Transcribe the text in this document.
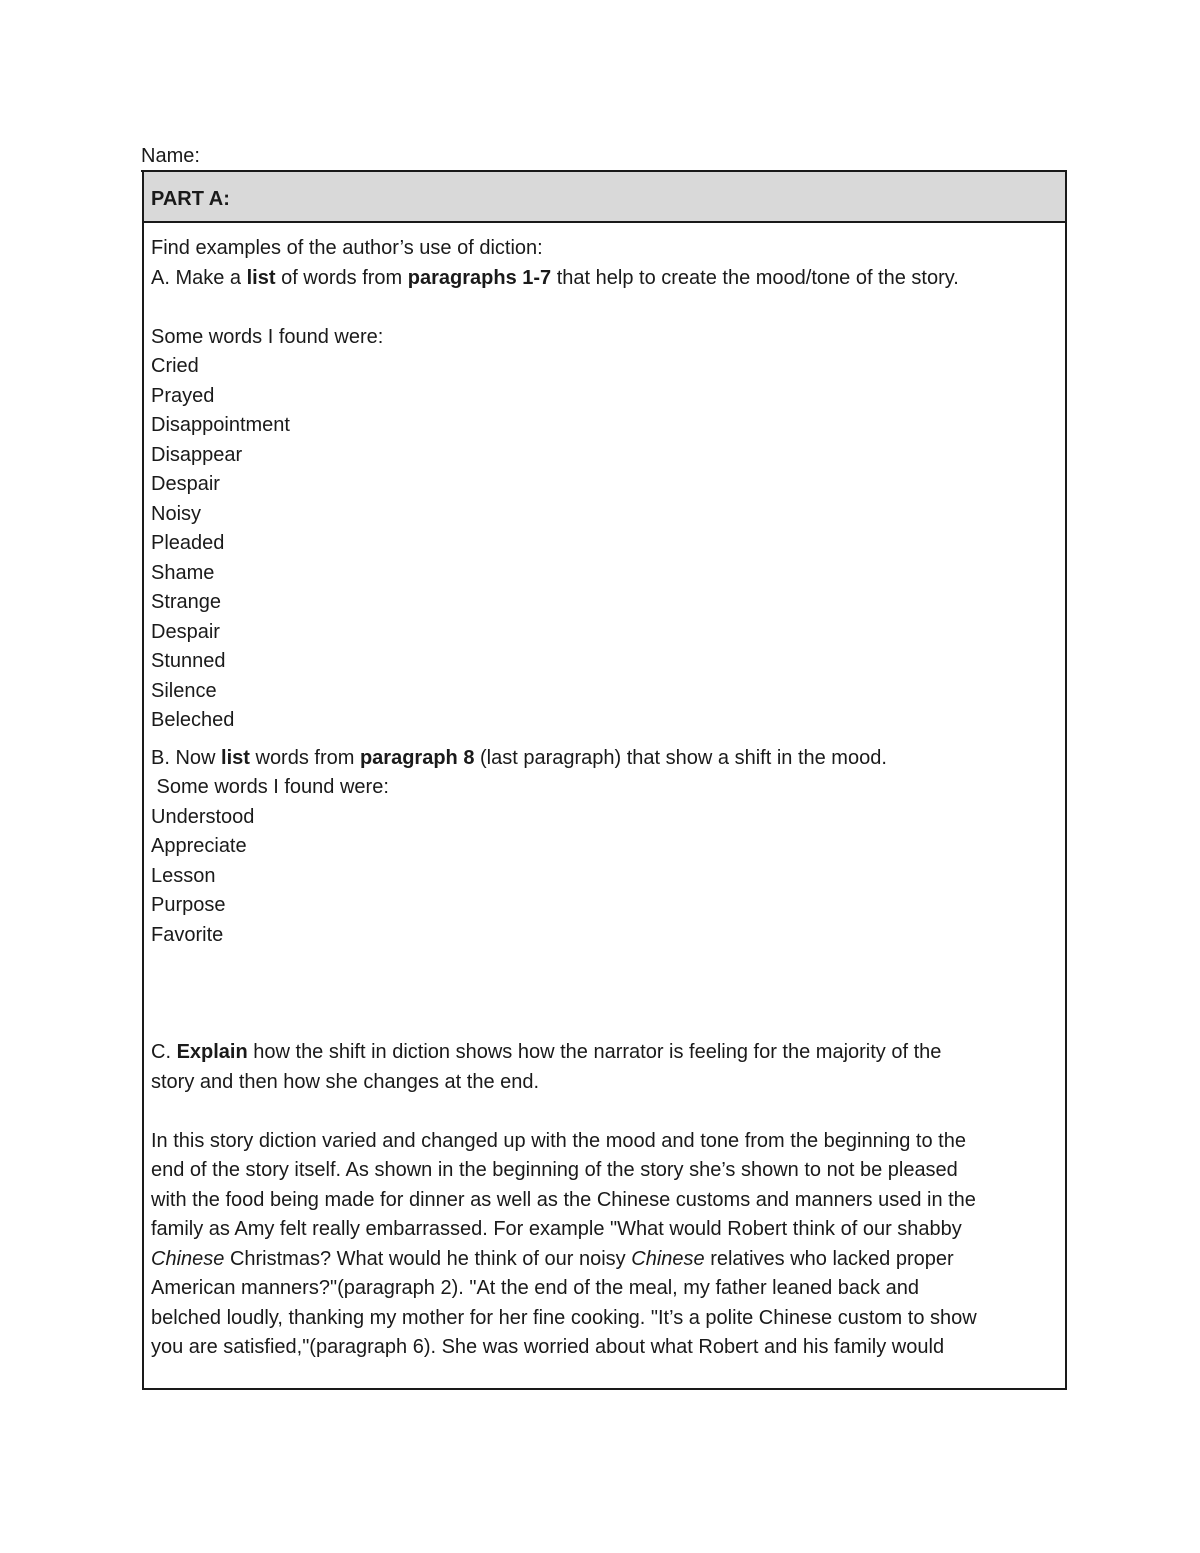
Name:
PART A:
Find examples of the author’s use of diction:
A. Make a list of words from paragraphs 1-7 that help to create the mood/tone of the story.
Some words I found were:
Cried
Prayed
Disappointment
Disappear
Despair
Noisy
Pleaded
Shame
Strange
Despair
Stunned
Silence
Beleched
B. Now list words from paragraph 8 (last paragraph) that show a shift in the mood.
Some words I found were:
Understood
Appreciate
Lesson
Purpose
Favorite
C. Explain how the shift in diction shows how the narrator is feeling for the majority of the
story and then how she changes at the end.
In this story diction varied and changed up with the mood and tone from the beginning to the
end of the story itself. As shown in the beginning of the story she’s shown to not be pleased
with the food being made for dinner as well as the Chinese customs and manners used in the
family as Amy felt really embarrassed. For example "What would Robert think of our shabby
Chinese Christmas? What would he think of our noisy Chinese relatives who lacked proper
American manners?"(paragraph 2). "At the end of the meal, my father leaned back and
belched loudly, thanking my mother for her fine cooking. "It’s a polite Chinese custom to show
you are satisfied,"(paragraph 6). She was worried about what Robert and his family would
